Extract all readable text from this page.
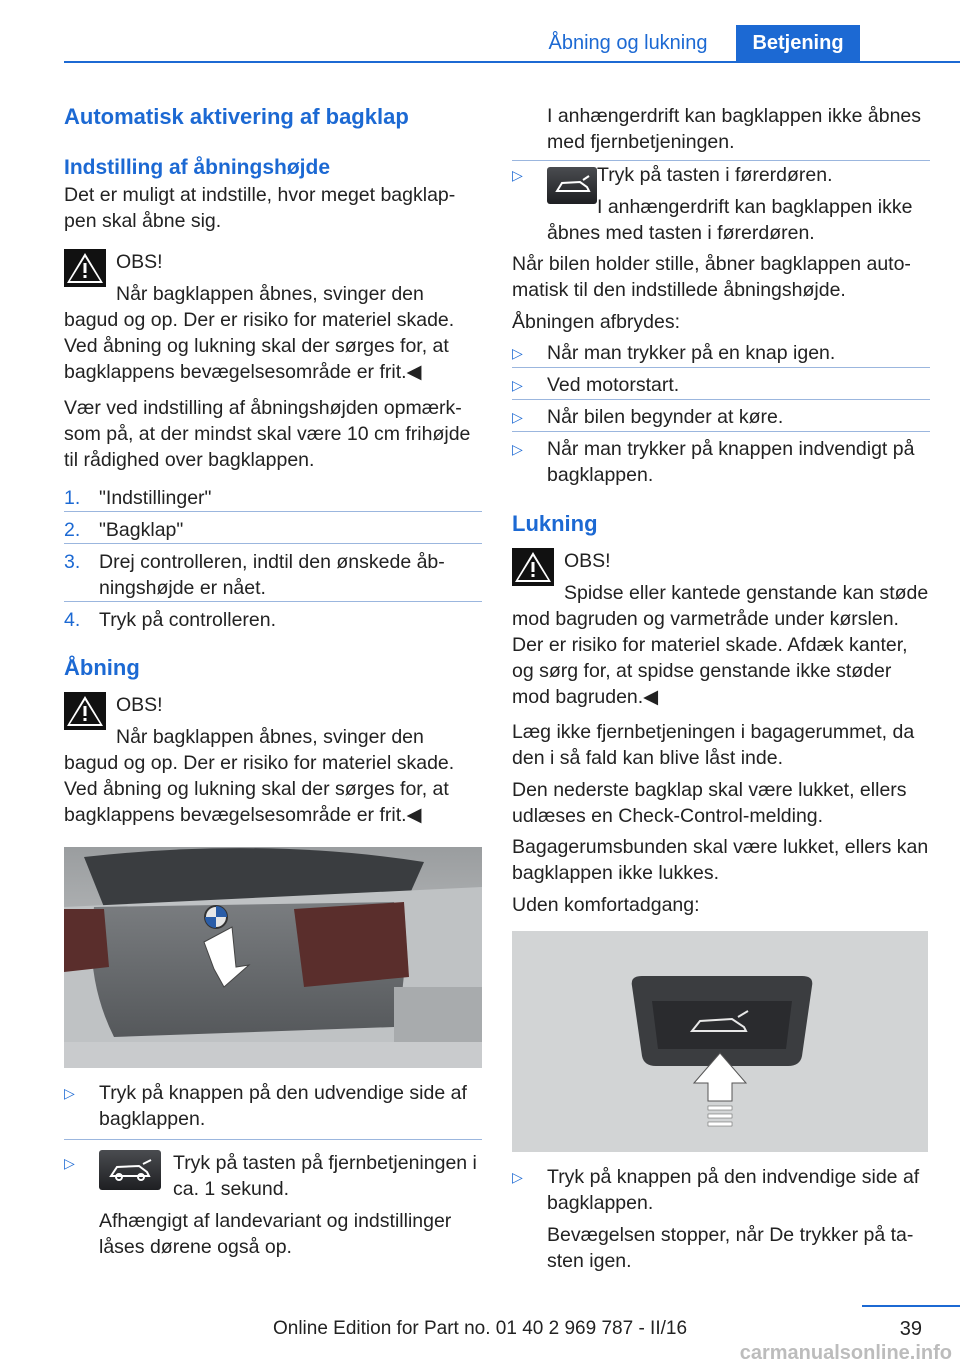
Åbning og lukning	Betjening
Automatisk aktivering af bagklap
Indstilling af åbningshøjde

Det er muligt at indstille, hvor meget bagklap-pen skal åbne sig.

OBS!

Når bagklappen åbnes, svinger den bagud og op. Der er risiko for materiel skade. Ved åbning og lukning skal der sørges for, at bagklappens bevægelsesområde er frit.◀

Vær ved indstilling af åbningshøjden opmærk-som på, at der mindst skal være 10 cm frihøjde til rådighed over bagklappen.

1. "Indstillinger"
2. "Bagklap"
3. Drej controlleren, indtil den ønskede åb-ningshøjde er nået.
4. Tryk på controlleren.
Åbning
OBS!

Når bagklappen åbnes, svinger den bagud og op. Der er risiko for materiel skade. Ved åbning og lukning skal der sørges for, at bagklappens bevægelsesområde er frit.◀

▷ Tryk på knappen på den udvendige side af bagklappen.
▷	Tryk på tasten på fjernbetjeningen i ca. 1 sekund.

Afhængigt af landevariant og indstillinger låses dørene også op.

I anhængerdrift kan bagklappen ikke åbnes med fjernbetjeningen.

▷	Tryk på tasten i førerdøren.

I anhængerdrift kan bagklappen ikke åbnes med tasten i førerdøren.

Når bilen holder stille, åbner bagklappen auto-matisk til den indstillede åbningshøjde.

Åbningen afbrydes:

▷ Når man trykker på en knap igen.
▷ Ved motorstart.
▷ Når bilen begynder at køre.
▷ Når man trykker på knappen indvendigt på bagklappen.
Lukning
OBS!

Spidse eller kantede genstande kan støde mod bagruden og varmetråde under kørslen. Der er risiko for materiel skade. Afdæk kanter, og sørg for, at spidse genstande ikke støder mod bagruden.◀

Læg ikke fjernbetjeningen i bagagerummet, da den i så fald kan blive låst inde.

Den nederste bagklap skal være lukket, ellers udlæses en Check-Control-melding.

Bagagerumsbunden skal være lukket, ellers kan bagklappen ikke lukkes.

Uden komfortadgang:

▷ Tryk på knappen på den indvendige side af bagklappen.

Bevægelsen stopper, når De trykker på ta-sten igen.

39
Online Edition for Part no. 01 40 2 969 787 - II/16
carmanualsonline.info
